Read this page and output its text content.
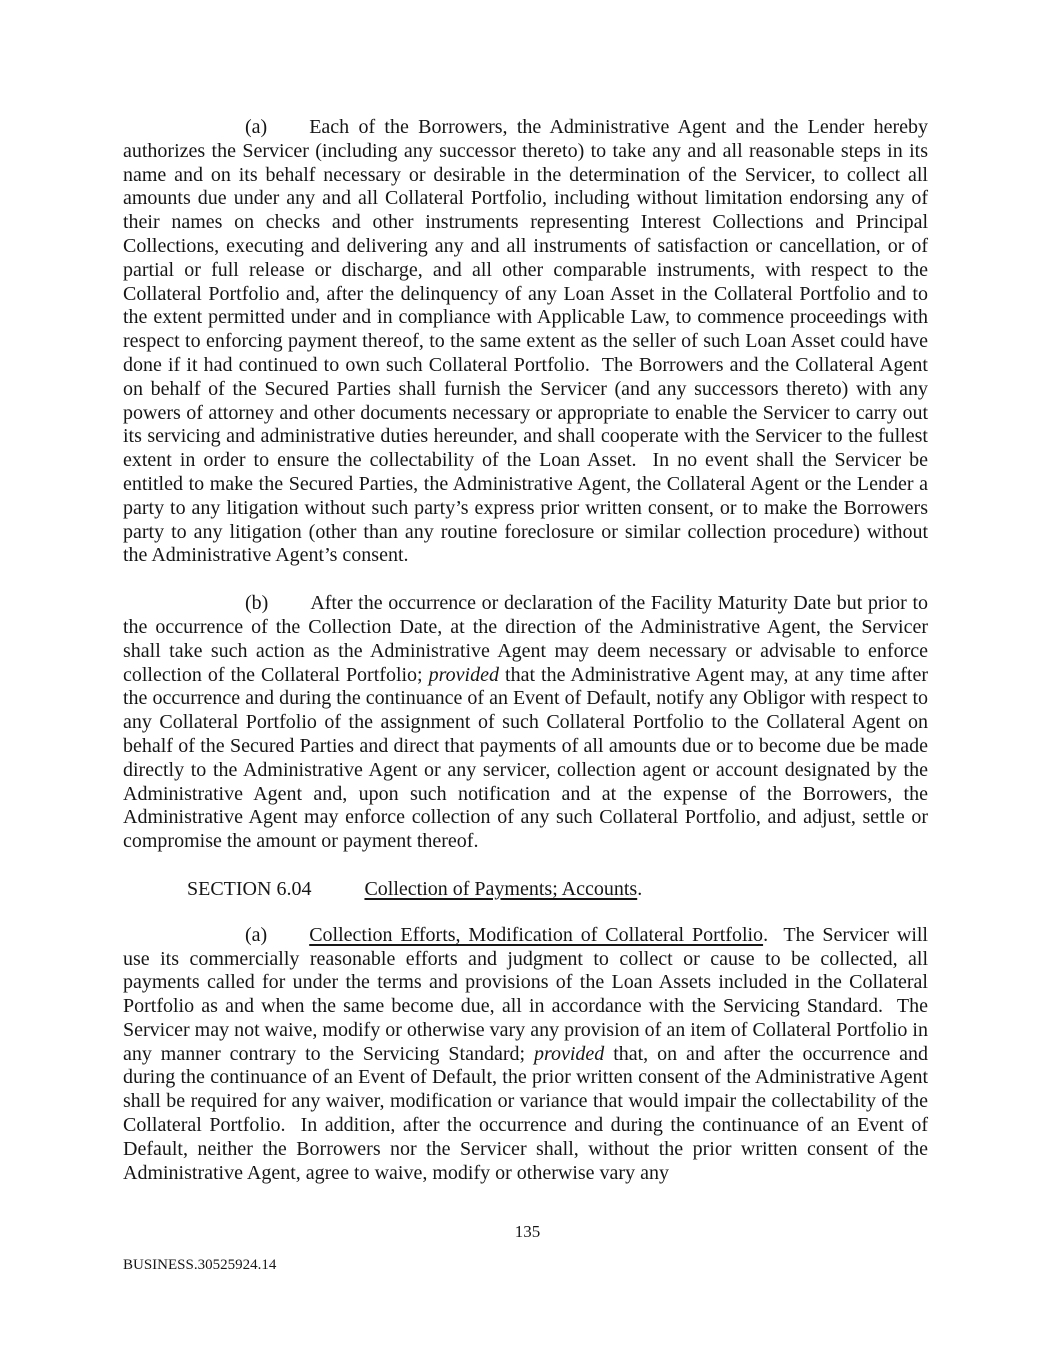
(a) Each of the Borrowers, the Administrative Agent and the Lender hereby authorizes the Servicer (including any successor thereto) to take any and all reasonable steps in its name and on its behalf necessary or desirable in the determination of the Servicer, to collect all amounts due under any and all Collateral Portfolio, including without limitation endorsing any of their names on checks and other instruments representing Interest Collections and Principal Collections, executing and delivering any and all instruments of satisfaction or cancellation, or of partial or full release or discharge, and all other comparable instruments, with respect to the Collateral Portfolio and, after the delinquency of any Loan Asset in the Collateral Portfolio and to the extent permitted under and in compliance with Applicable Law, to commence proceedings with respect to enforcing payment thereof, to the same extent as the seller of such Loan Asset could have done if it had continued to own such Collateral Portfolio.  The Borrowers and the Collateral Agent on behalf of the Secured Parties shall furnish the Servicer (and any successors thereto) with any powers of attorney and other documents necessary or appropriate to enable the Servicer to carry out its servicing and administrative duties hereunder, and shall cooperate with the Servicer to the fullest extent in order to ensure the collectability of the Loan Asset.  In no event shall the Servicer be entitled to make the Secured Parties, the Administrative Agent, the Collateral Agent or the Lender a party to any litigation without such party’s express prior written consent, or to make the Borrowers party to any litigation (other than any routine foreclosure or similar collection procedure) without the Administrative Agent’s consent.

(b) After the occurrence or declaration of the Facility Maturity Date but prior to the occurrence of the Collection Date, at the direction of the Administrative Agent, the Servicer shall take such action as the Administrative Agent may deem necessary or advisable to enforce collection of the Collateral Portfolio; provided that the Administrative Agent may, at any time after the occurrence and during the continuance of an Event of Default, notify any Obligor with respect to any Collateral Portfolio of the assignment of such Collateral Portfolio to the Collateral Agent on behalf of the Secured Parties and direct that payments of all amounts due or to become due be made directly to the Administrative Agent or any servicer, collection agent or account designated by the Administrative Agent and, upon such notification and at the expense of the Borrowers, the Administrative Agent may enforce collection of any such Collateral Portfolio, and adjust, settle or compromise the amount or payment thereof.

SECTION 6.04	Collection of Payments; Accounts.

(a) Collection Efforts, Modification of Collateral Portfolio.  The Servicer will use its commercially reasonable efforts and judgment to collect or cause to be collected, all payments called for under the terms and provisions of the Loan Assets included in the Collateral Portfolio as and when the same become due, all in accordance with the Servicing Standard.  The Servicer may not waive, modify or otherwise vary any provision of an item of Collateral Portfolio in any manner contrary to the Servicing Standard; provided that, on and after the occurrence and during the continuance of an Event of Default, the prior written consent of the Administrative Agent shall be required for any waiver, modification or variance that would impair the collectability of the Collateral Portfolio.  In addition, after the occurrence and during the continuance of an Event of Default, neither the Borrowers nor the Servicer shall, without the prior written consent of the Administrative Agent, agree to waive, modify or otherwise vary any

135
BUSINESS.30525924.14
